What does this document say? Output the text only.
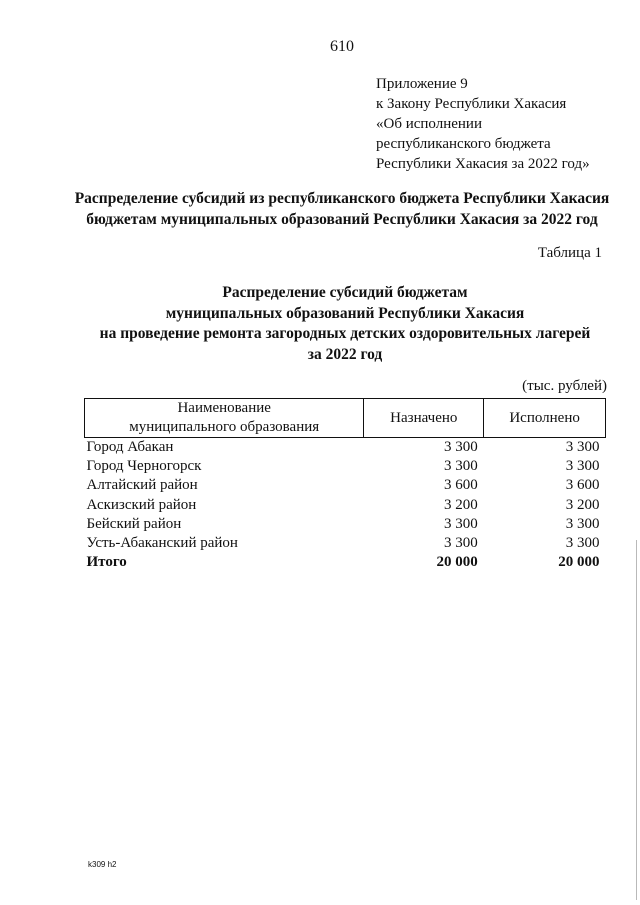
610
Приложение 9
к Закону Республики Хакасия
«Об исполнении
республиканского бюджета
Республики Хакасия за 2022 год»
Распределение субсидий из республиканского бюджета Республики Хакасия
бюджетам муниципальных образований Республики Хакасия за 2022 год
Таблица 1
Распределение субсидий бюджетам
муниципальных образований Республики Хакасия
на проведение ремонта загородных детских оздоровительных лагерей
за 2022 год
(тыс. рублей)
Наименование
муниципального образования	Назначено	Исполнено
Город Абакан	3 300	3 300
Город Черногорск	3 300	3 300
Алтайский район	3 600	3 600
Аскизский район	3 200	3 200
Бейский район	3 300	3 300
Усть-Абаканский район	3 300	3 300
Итого	20 000	20 000
k309 h2
